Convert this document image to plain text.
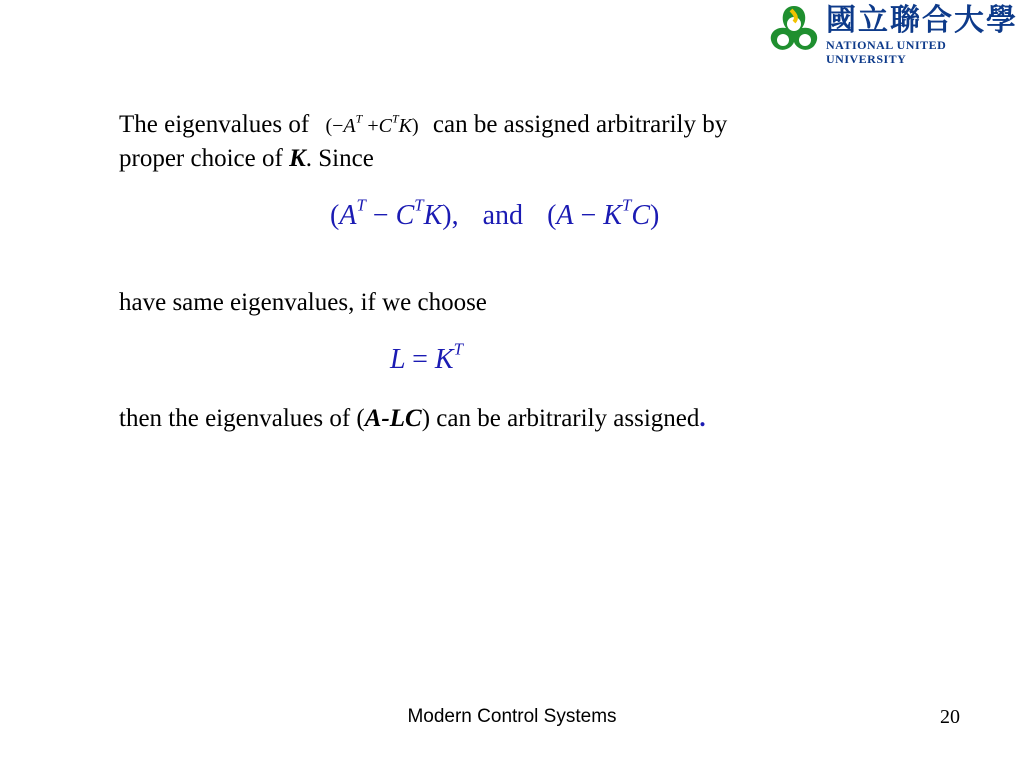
國立聯合大學
NATIONAL UNITED UNIVERSITY
The eigenvalues of $(-A^T +C^TK)$ can be assigned arbitrarily by
proper choice of K. Since
$(A^T - C^TK)$, and $(A - K^TC)$
have same eigenvalues, if we choose
$L = K^T$
then the eigenvalues of (A-LC) can be arbitrarily assigned.
Modern Control Systems	20
